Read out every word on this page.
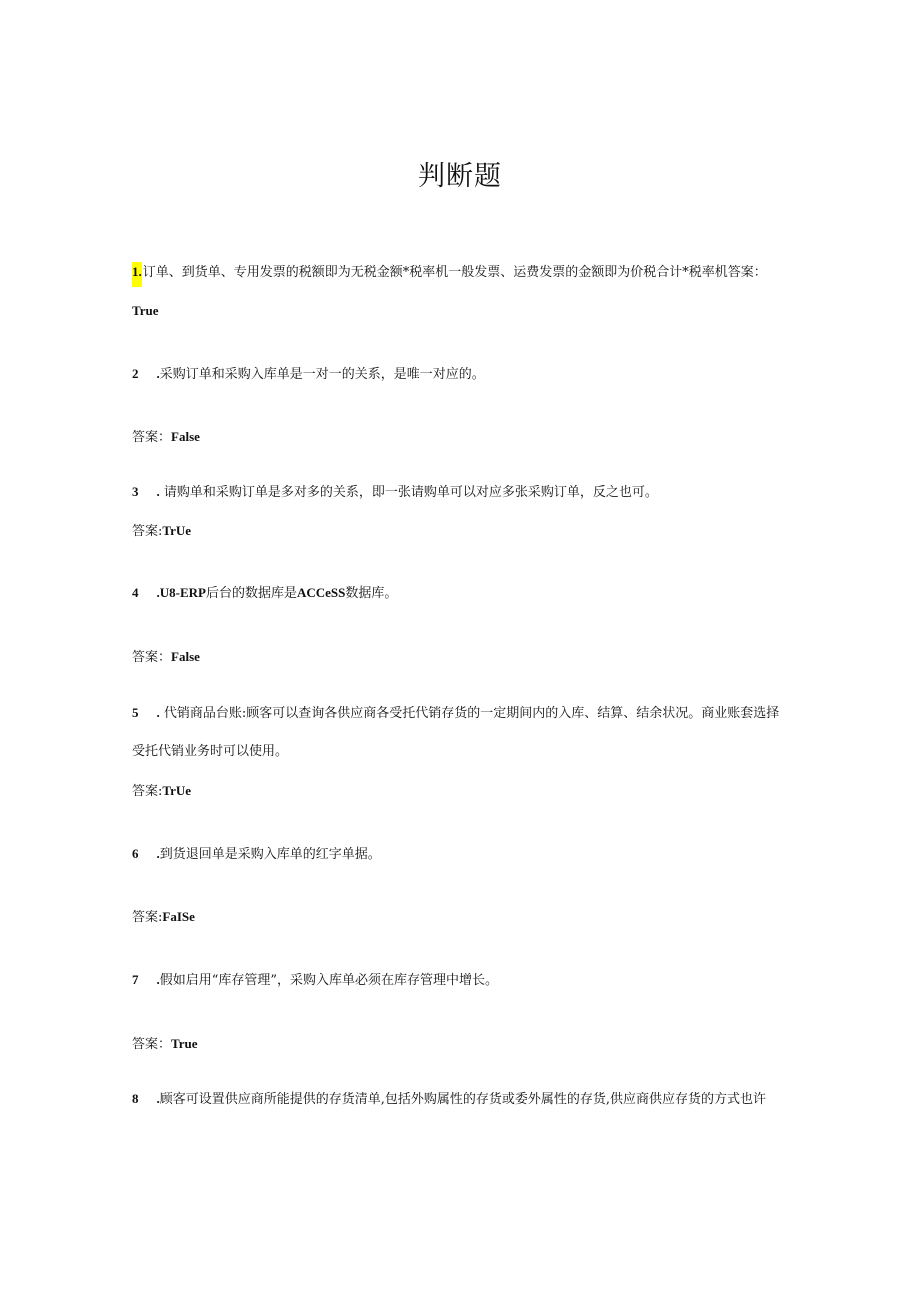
判断题
1.订单、到货单、专用发票的税额即为无税金额*税率机一般发票、运费发票的金额即为价税合计*税率机答案：
True
2 .采购订单和采购入库单是一对一的关系，是唯一对应的。
答案：False
3 . 请购单和采购订单是多对多的关系，即一张请购单可以对应多张采购订单，反之也可。
答案:TrUe
4 .U8-ERP后台的数据库是ACCeSS数据库。
答案：False
5 . 代销商品台账:顾客可以查询各供应商各受托代销存货的一定期间内的入库、结算、结余状况。商业账套选择
受托代销业务时可以使用。
答案:TrUe
6 .到货退回单是采购入库单的红字单据。
答案:FaISe
7 .假如启用“库存管理”，采购入库单必须在库存管理中增长。
答案：True
8 .顾客可设置供应商所能提供的存货清单,包括外购属性的存货或委外属性的存货,供应商供应存货的方式也许
